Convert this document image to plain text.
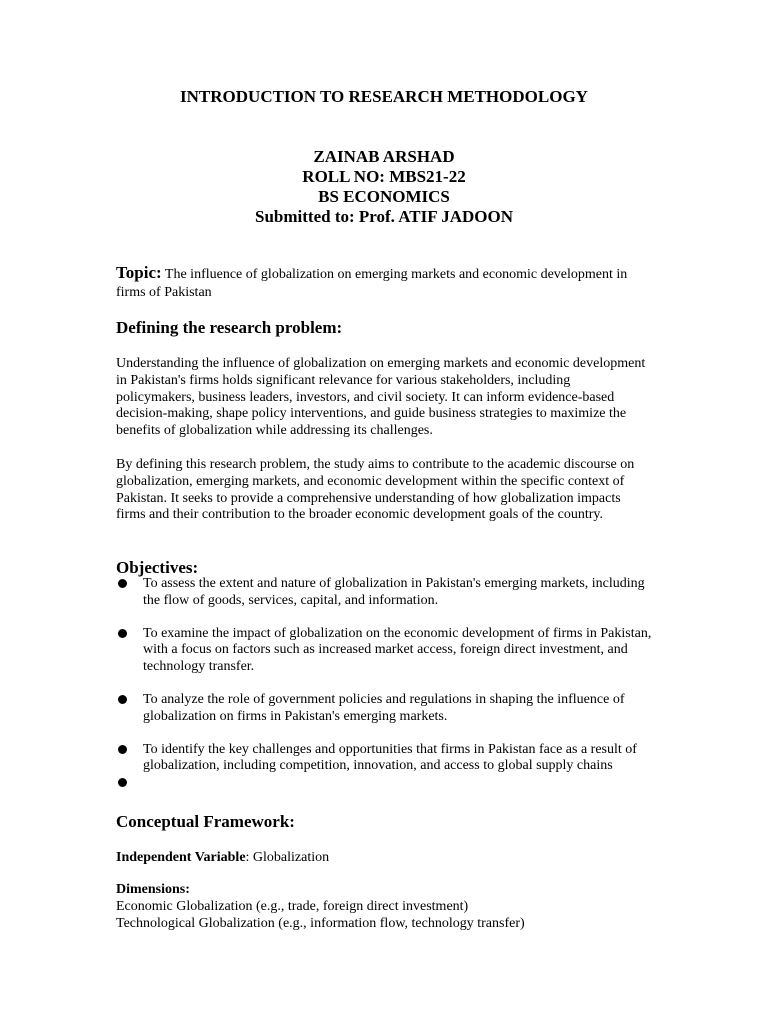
INTRODUCTION TO RESEARCH METHODOLOGY
ZAINAB ARSHAD
ROLL NO: MBS21-22
BS ECONOMICS
Submitted to: Prof. ATIF JADOON
Topic: The influence of globalization on emerging markets and economic development in firms of Pakistan
Defining the research problem:

Understanding the influence of globalization on emerging markets and economic development in Pakistan's firms holds significant relevance for various stakeholders, including policymakers, business leaders, investors, and civil society. It can inform evidence-based decision-making, shape policy interventions, and guide business strategies to maximize the benefits of globalization while addressing its challenges.

By defining this research problem, the study aims to contribute to the academic discourse on globalization, emerging markets, and economic development within the specific context of Pakistan. It seeks to provide a comprehensive understanding of how globalization impacts firms and their contribution to the broader economic development goals of the country.

Objectives:
To assess the extent and nature of globalization in Pakistan's emerging markets, including the flow of goods, services, capital, and information.
To examine the impact of globalization on the economic development of firms in Pakistan, with a focus on factors such as increased market access, foreign direct investment, and technology transfer.
To analyze the role of government policies and regulations in shaping the influence of globalization on firms in Pakistan's emerging markets.
To identify the key challenges and opportunities that firms in Pakistan face as a result of globalization, including competition, innovation, and access to global supply chains
Conceptual Framework:
Independent Variable: Globalization
Dimensions:
Economic Globalization (e.g., trade, foreign direct investment)
Technological Globalization (e.g., information flow, technology transfer)
